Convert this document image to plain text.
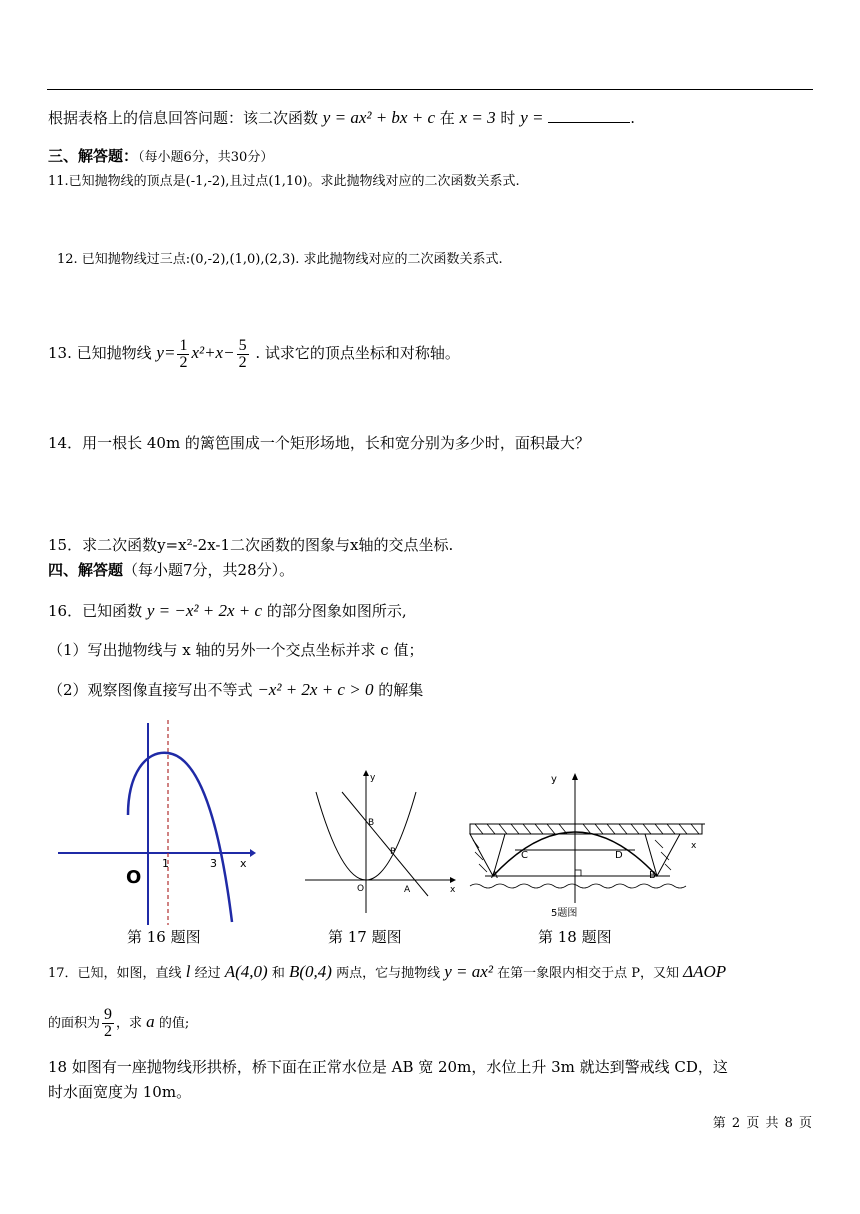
根据表格上的信息回答问题：该二次函数 y = ax² + bx + c 在 x = 3 时 y =	.
三、解答题：（每小题6分，共30分）
11.已知抛物线的顶点是(-1,-2),且过点(1,10)。求此抛物线对应的二次函数关系式.
12. 已知抛物线过三点:(0,-2),(1,0),(2,3). 求此抛物线对应的二次函数关系式.
13. 已知抛物线 $y= \frac{1}{2} x^2+x- \frac{5}{2}$ . 试求它的顶点坐标和对称轴。
14．用一根长 40m 的篱笆围成一个矩形场地，长和宽分别为多少时，面积最大？
15．求二次函数y=x²-2x-1二次函数的图象与x轴的交点坐标.
四、解答题（每小题7分，共28分）。
16．已知函数 y = −x² + 2x + c 的部分图象如图所示,
（1）写出抛物线与 x 轴的另外一个交点坐标并求 c 值；
（2）观察图像直接写出不等式 −x² + 2x + c > 0 的解集
O
1	3 x
第 16 题图
y
x
B
P
O	A
第 17 题图
y
x
C	D
A	B
5题图
第 18 题图
17．已知，如图，直线 l 经过 A(4,0) 和 B(0,4) 两点，它与抛物线 y = ax² 在第一象限内相交于点 P，又知 ΔAOP
的面积为 $\frac{9}{2}$ ，求 a 的值;
18 如图有一座抛物线形拱桥，桥下面在正常水位是 AB 宽 20m，水位上升 3m 就达到警戒线 CD，这
时水面宽度为 10m。
第 2 页 共 8 页
